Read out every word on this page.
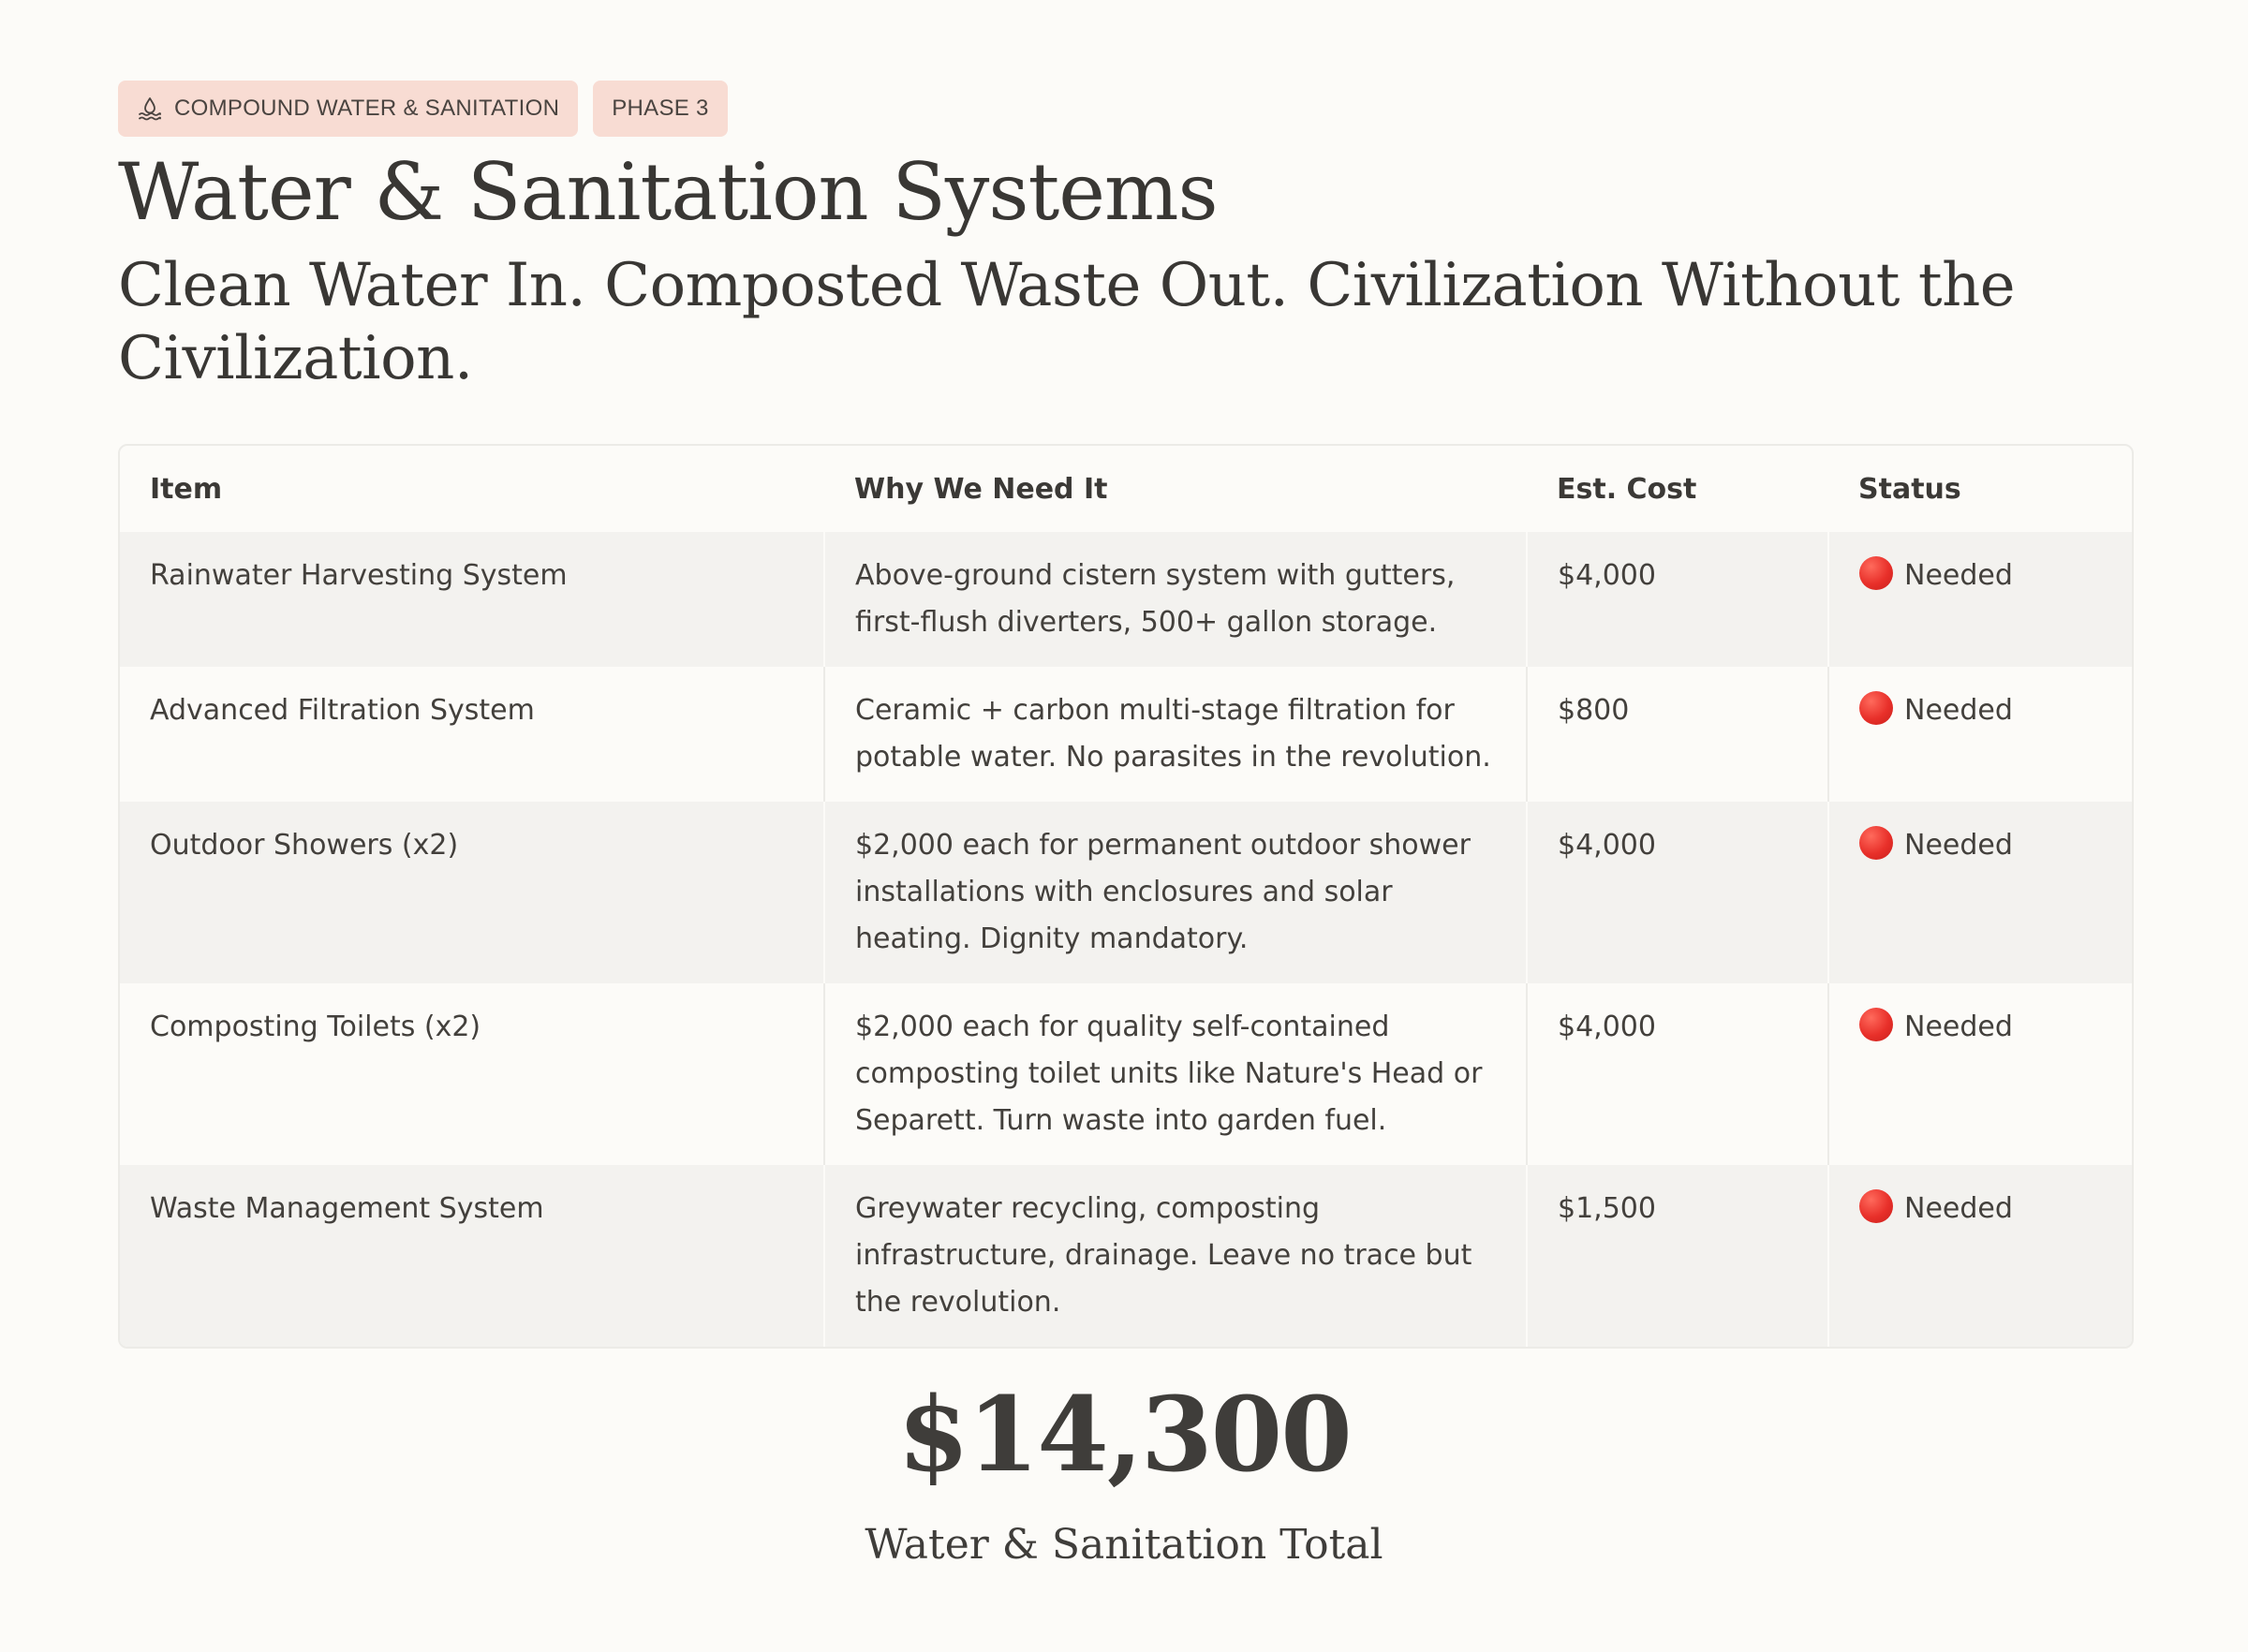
COMPOUND WATER & SANITATION PHASE 3
Water & Sanitation Systems
Clean Water In. Composted Waste Out. Civilization Without the Civilization.
Item	Why We Need It	Est. Cost	Status
Rainwater Harvesting System	Above-ground cistern system with gutters, first-flush diverters, 500+ gallon storage.	$4,000	Needed
Advanced Filtration System	Ceramic + carbon multi-stage filtration for potable water. No parasites in the revolution.	$800	Needed
Outdoor Showers (x2)	$2,000 each for permanent outdoor shower installations with enclosures and solar heating. Dignity mandatory.	$4,000	Needed
Composting Toilets (x2)	$2,000 each for quality self-contained composting toilet units like Nature's Head or Separett. Turn waste into garden fuel.	$4,000	Needed
Waste Management System	Greywater recycling, composting infrastructure, drainage. Leave no trace but the revolution.	$1,500	Needed
$14,300
Water & Sanitation Total
